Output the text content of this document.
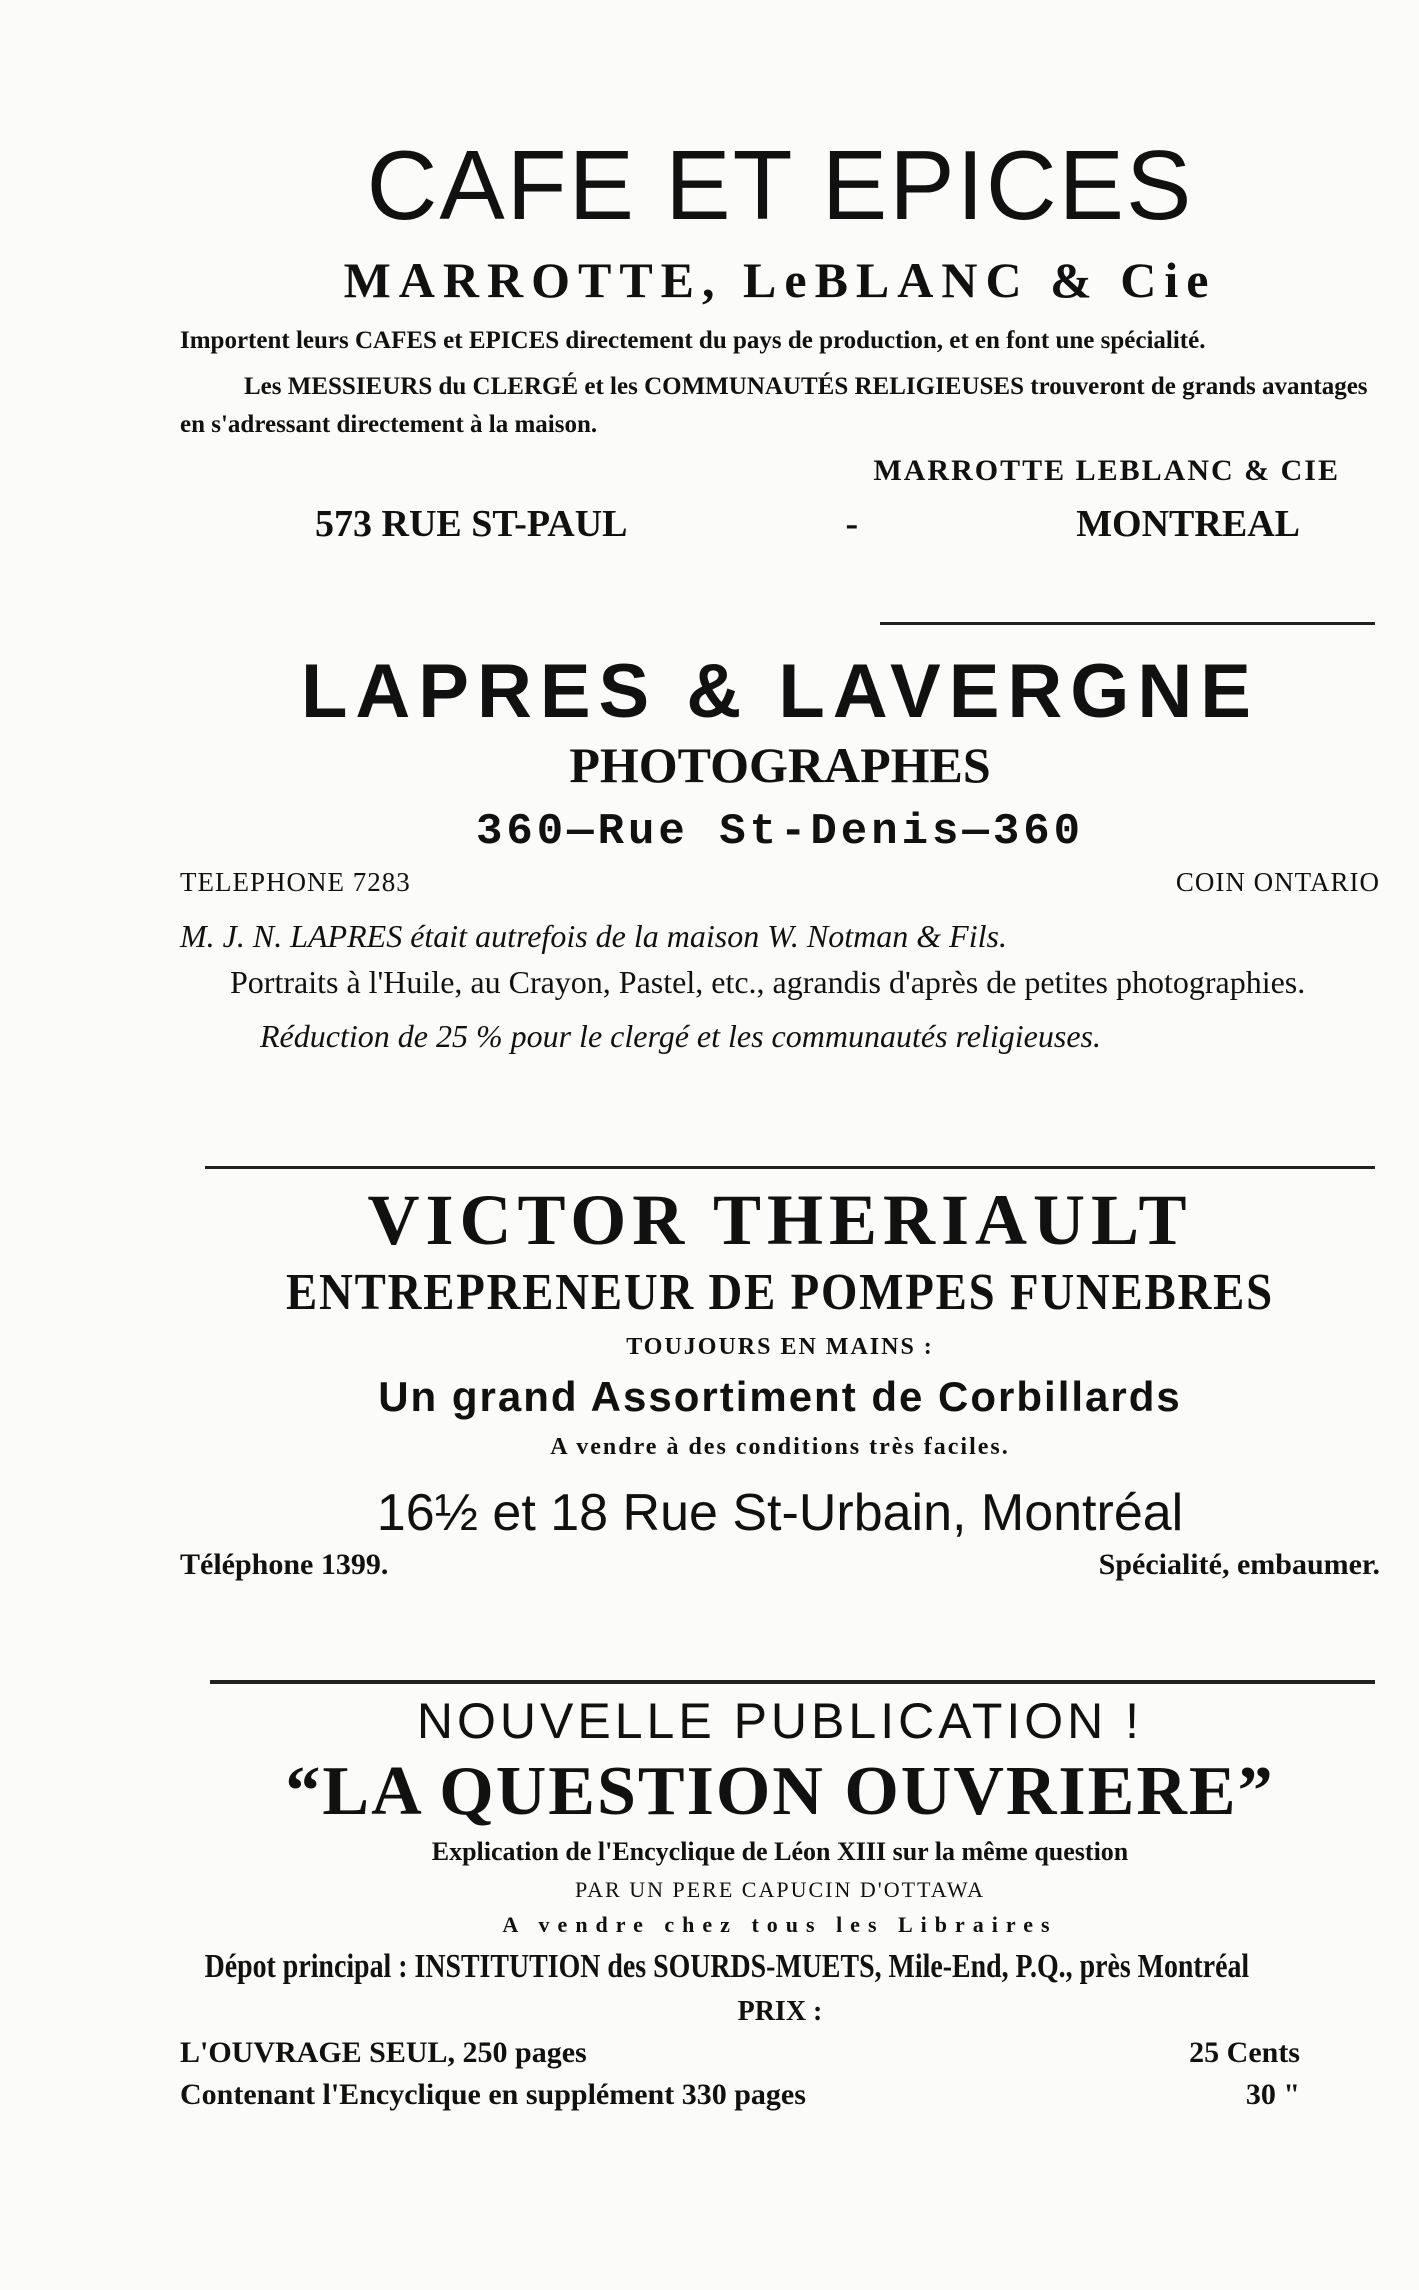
CAFE ET EPICES
MARROTTE, LeBLANC & Cie
Importent leurs CAFES et EPICES directement du pays de production, et en font une spécialité.
Les MESSIEURS du CLERGÉ et les COMMUNAUTÉS RELIGIEUSES trouveront de grands avantages en s'adressant directement à la maison.
MARROTTE LEBLANC & CIE
573 RUE ST-PAUL	-	MONTREAL
LAPRES & LAVERGNE
PHOTOGRAPHES
360—Rue St-Denis—360
TELEPHONE 7283	COIN ONTARIO
M. J. N. LAPRES était autrefois de la maison W. Notman & Fils.
Portraits à l'Huile, au Crayon, Pastel, etc., agrandis d'après de petites photographies.
Réduction de 25 % pour le clergé et les communautés religieuses.
VICTOR THERIAULT
ENTREPRENEUR DE POMPES FUNEBRES
TOUJOURS EN MAINS :
Un grand Assortiment de Corbillards
A vendre à des conditions très faciles.
16½ et 18 Rue St-Urbain, Montréal
Téléphone 1399.	Spécialité, embaumer.
NOUVELLE PUBLICATION !
“LA QUESTION OUVRIERE”
Explication de l'Encyclique de Léon XIII sur la même question
PAR UN PERE CAPUCIN D'OTTAWA
A vendre chez tous les Libraires
Dépot principal : INSTITUTION des SOURDS-MUETS, Mile-End, P.Q., près Montréal
PRIX :
L'OUVRAGE SEUL, 250 pages	25 Cents
Contenant l'Encyclique en supplément 330 pages	30 "
